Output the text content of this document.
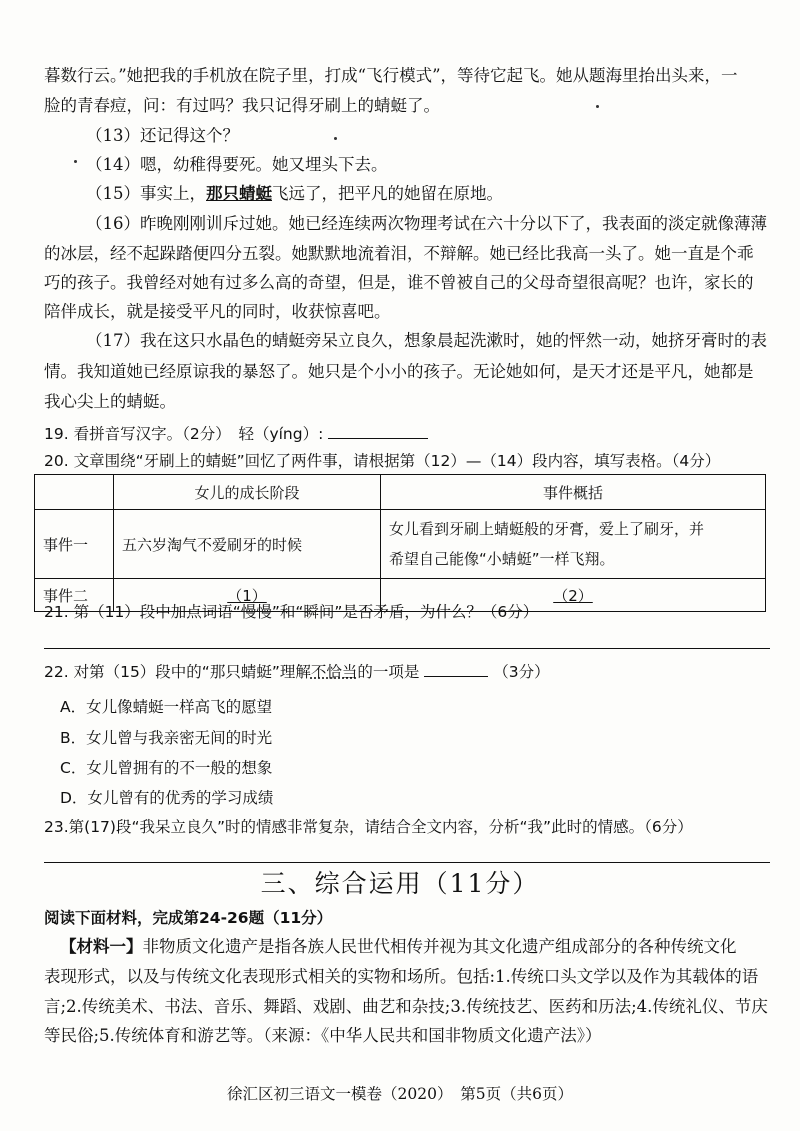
暮数行云。”她把我的手机放在院子里，打成“飞行模式”，等待它起飞。她从题海里抬出头来，一
脸的青春痘，问：有过吗？我只记得牙刷上的蜻蜓了。
（13）还记得这个？
（14）嗯，幼稚得要死。她又埋头下去。
（15）事实上，那只蜻蜓飞远了，把平凡的她留在原地。
（16）昨晚刚刚训斥过她。她已经连续两次物理考试在六十分以下了，我表面的淡定就像薄薄
的冰层，经不起跺踏便四分五裂。她默默地流着泪，不辩解。她已经比我高一头了。她一直是个乖
巧的孩子。我曾经对她有过多么高的奇望，但是，谁不曾被自己的父母奇望很高呢？也许，家长的
陪伴成长，就是接受平凡的同时，收获惊喜吧。
（17）我在这只水晶色的蜻蜓旁呆立良久，想象晨起洗漱时，她的怦然一动，她挤牙膏时的表
情。我知道她已经原谅我的暴怒了。她只是个小小的孩子。无论她如何，是天才还是平凡，她都是
我心尖上的蜻蜓。
19. 看拼音写汉字。（2分）　轻（yíng）:
20. 文章围绕“牙刷上的蜻蜓”回忆了两件事，请根据第（12）—（14）段内容，填写表格。（4分）
	女儿的成长阶段	事件概括
事件一	五六岁淘气不爱刷牙的时候	女儿看到牙刷上蜻蜓般的牙膏，爱上了刷牙，并
希望自己能像“小蜻蜓”一样飞翔。

事件二	（1）	（2）
21. 第（11）段中加点词语“慢慢”和“瞬间”是否矛盾，为什么？（6分）
22. 对第（15）段中的“那只蜻蜓”理解不恰当的一项是	（3分）
A．女儿像蜻蜓一样高飞的愿望
B．女儿曾与我亲密无间的时光
C．女儿曾拥有的不一般的想象
D．女儿曾有的优秀的学习成绩
23.第(17)段“我呆立良久”时的情感非常复杂，请结合全文内容，分析“我”此时的情感。（6分）
三、综合运用（11分）
阅读下面材料，完成第24-26题（11分）
【材料一】非物质文化遗产是指各族人民世代相传并视为其文化遗产组成部分的各种传统文化
表现形式，以及与传统文化表现形式相关的实物和场所。包括:1.传统口头文学以及作为其载体的语
言;2.传统美术、书法、音乐、舞蹈、戏剧、曲艺和杂技;3.传统技艺、医药和历法;4.传统礼仪、节庆
等民俗;5.传统体育和游艺等。（来源：《中华人民共和国非物质文化遗产法》）
徐汇区初三语文一模卷（2020）　第5页（共6页）
